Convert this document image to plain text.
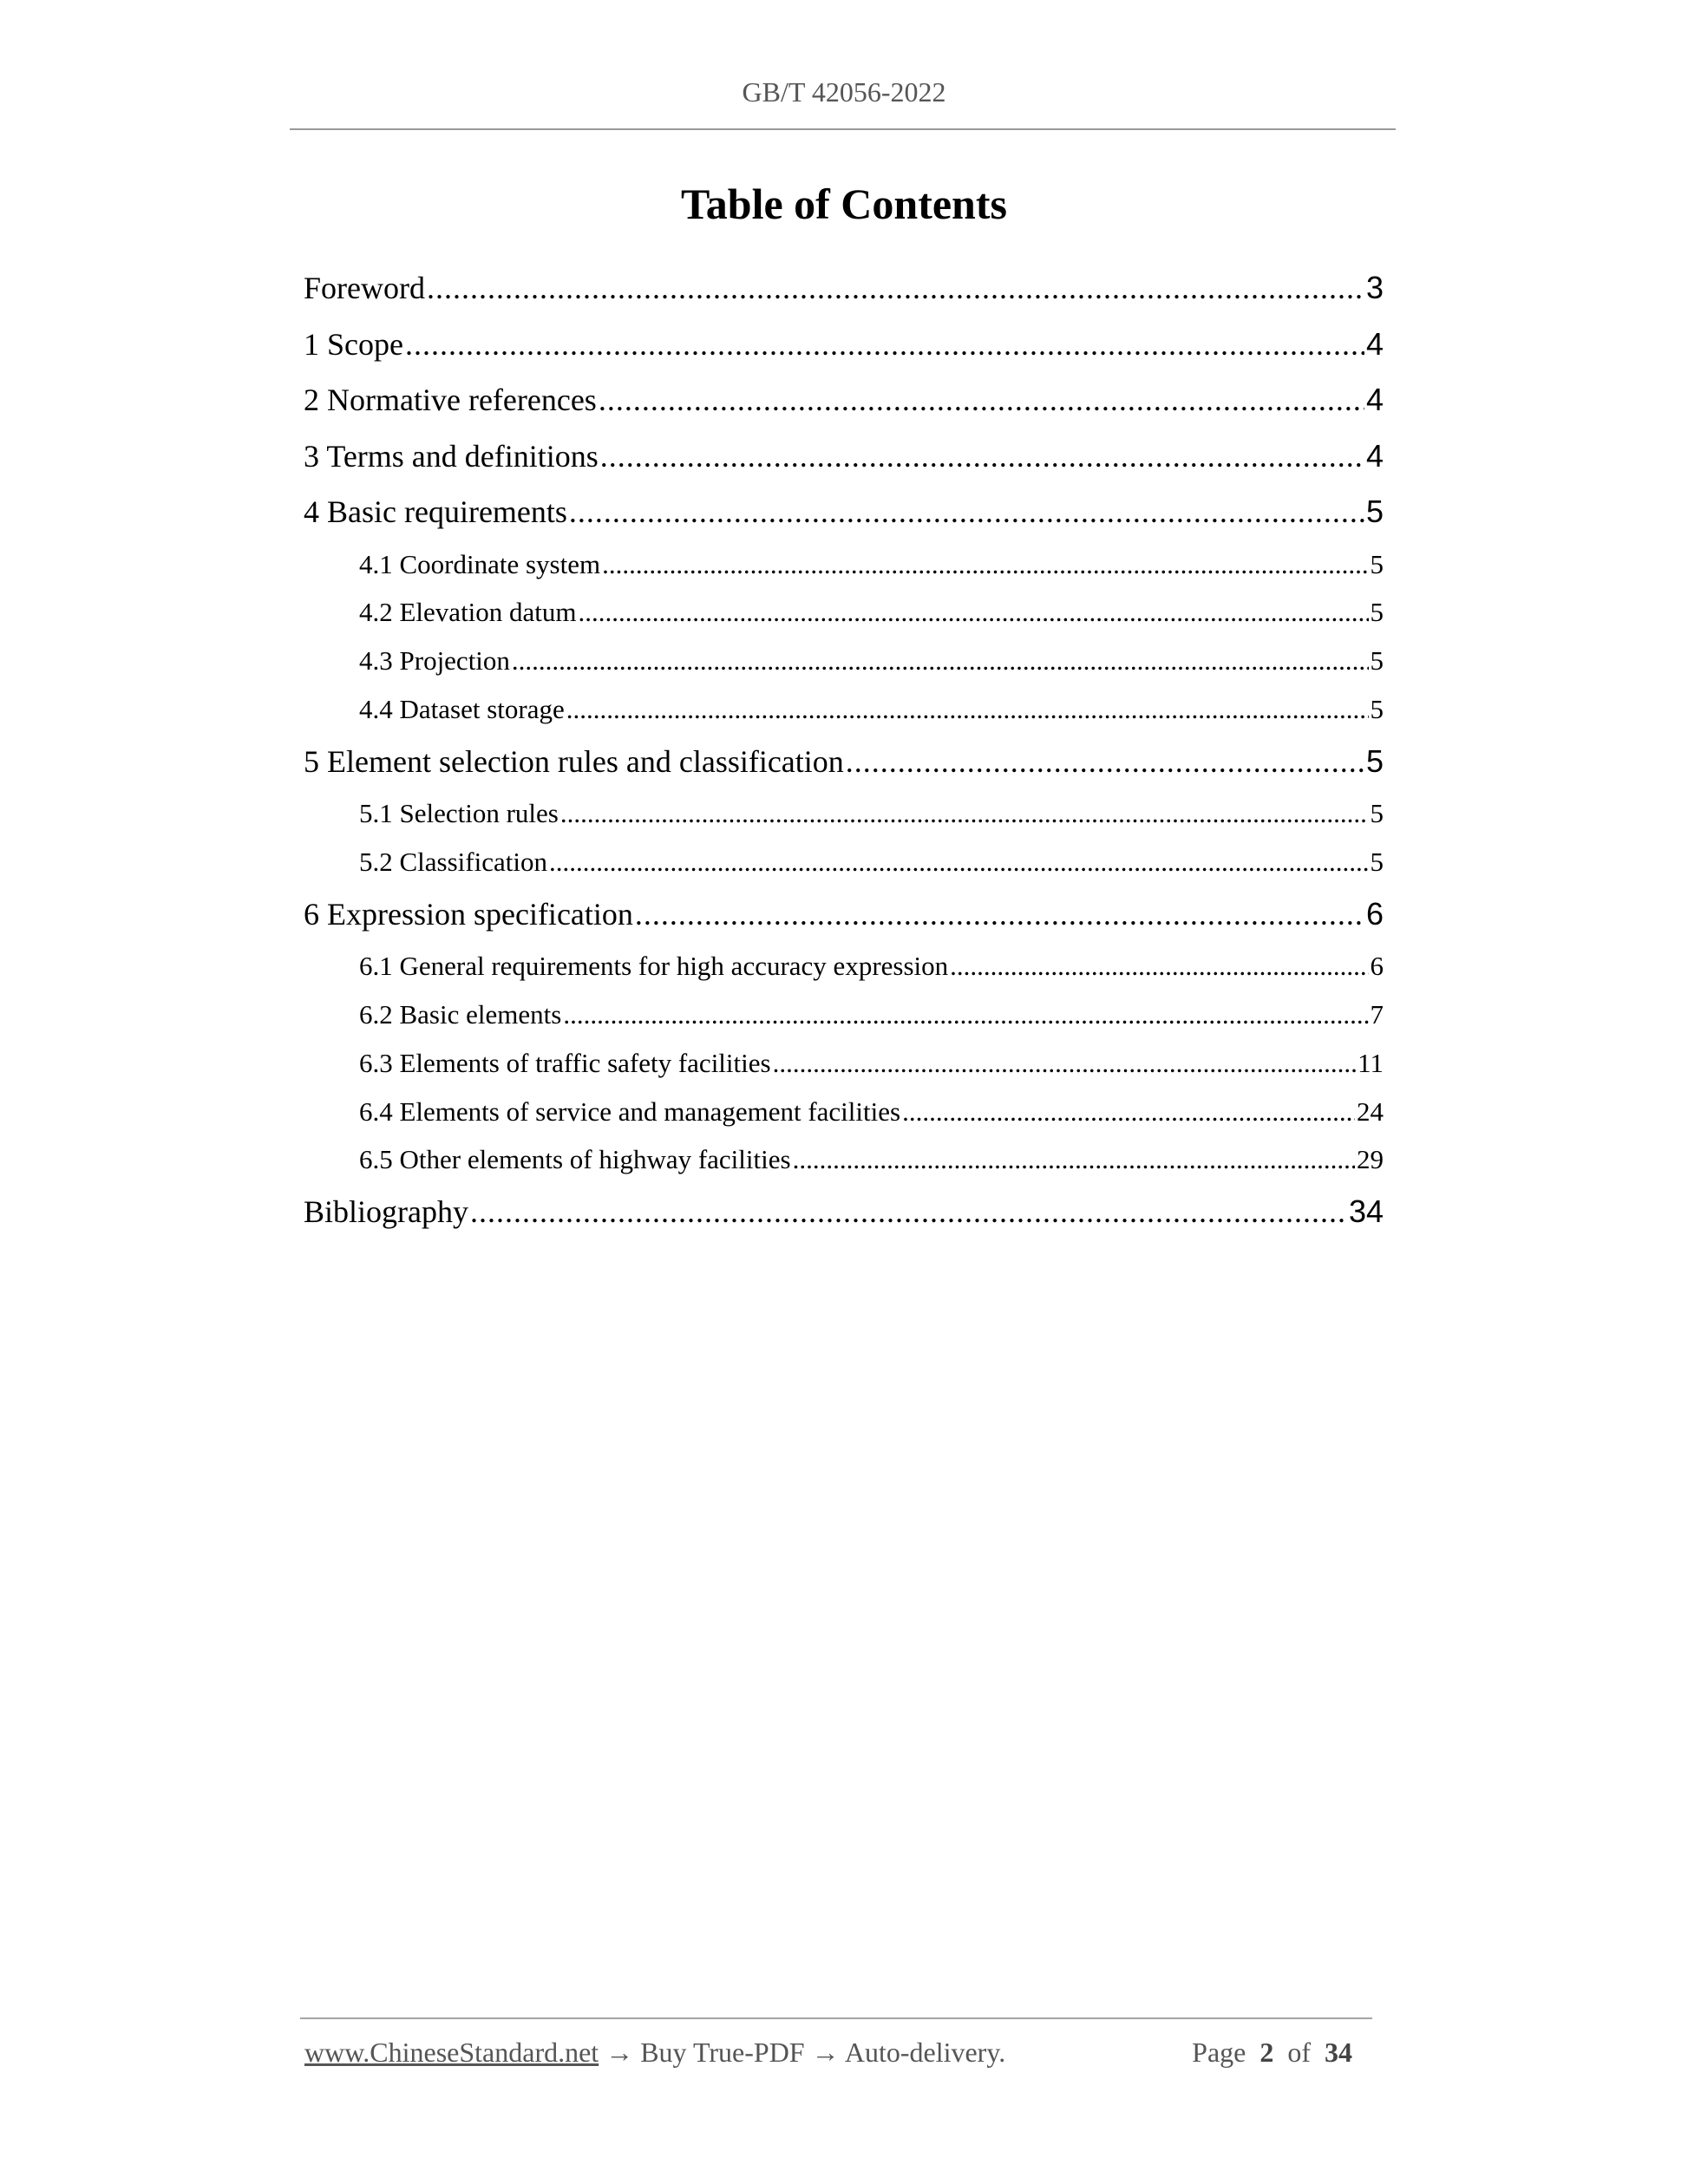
GB/T 42056-2022
Table of Contents
Foreword .....	3
1 Scope .....	4
2 Normative references .....	4
3 Terms and definitions .....	4
4 Basic requirements .....	5
4.1 Coordinate system .....	5
4.2 Elevation datum .....	5
4.3 Projection .....	5
4.4 Dataset storage .....	5
5 Element selection rules and classification .....	5
5.1 Selection rules .....	5
5.2 Classification .....	5
6 Expression specification .....	6
6.1 General requirements for high accuracy expression .....	6
6.2 Basic elements .....	7
6.3 Elements of traffic safety facilities .....	11
6.4 Elements of service and management facilities .....	24
6.5 Other elements of highway facilities .....	29
Bibliography .....	34
www.ChineseStandard.net → Buy True-PDF → Auto-delivery.	Page 2 of 34
